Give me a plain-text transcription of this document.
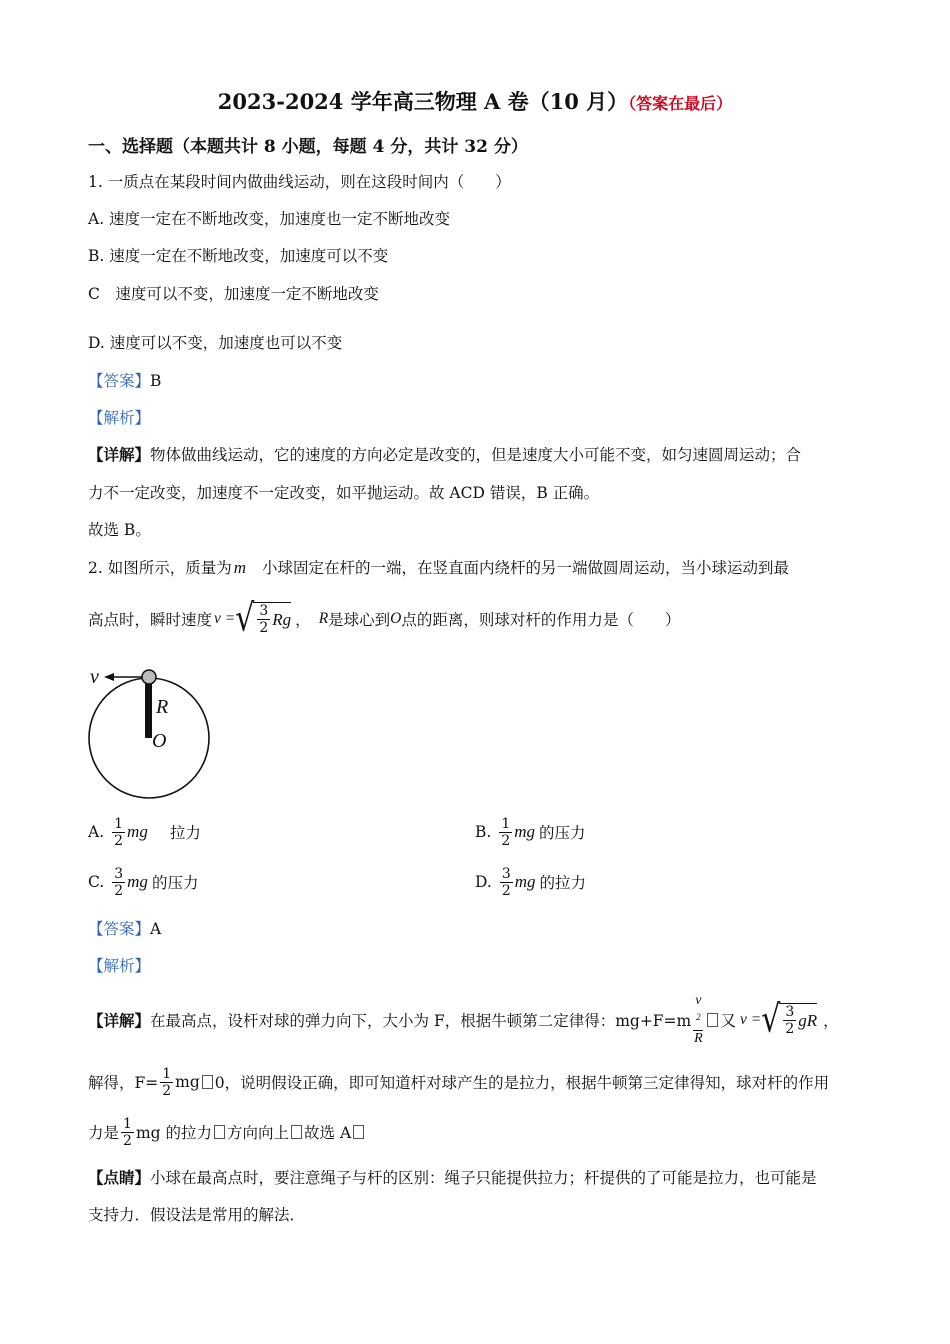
2023-2024 学年高三物理 A 卷（10 月）（答案在最后）
一、选择题（本题共计 8 小题，每题 4 分，共计 32 分）
1. 一质点在某段时间内做曲线运动，则在这段时间内（　　）
A. 速度一定在不断地改变，加速度也一定不断地改变
B. 速度一定在不断地改变，加速度可以不变
C　速度可以不变，加速度一定不断地改变
D. 速度可以不变，加速度也可以不变
【答案】B
【解析】
【详解】物体做曲线运动，它的速度的方向必定是改变的，但是速度大小可能不变，如匀速圆周运动；合
力不一定改变，加速度不一定改变，如平抛运动。故 ACD 错误，B 正确。
故选 B。
2. 如图所示，质量为 m 小球固定在杆的一端，在竖直面内绕杆的另一端做圆周运动，当小球运动到最
高点时，瞬时速度 v = √ $\frac{3}{2}$ Rg ， R 是球心到 O 点的距离，则球对杆的作用力是（　　）
v
R
O
A. $\frac{1}{2}$ mg 拉力	B. $\frac{1}{2}$ mg 的压力
C. $\frac{3}{2}$ mg 的压力	D. $\frac{3}{2}$ mg 的拉力
【答案】A
【解析】
【详解】 在最高点，设杆对球的弹力向下，大小为 F，根据牛顿第二定律得：mg+F=m v
$^2$
R 又 v = √ $\frac{3}{2}$ gR ，
解得，$F= \frac{1}{2}$ mg 0，说明假设正确，即可知道杆对球产生的是拉力，根据牛顿第三定律得知，球对杆的作用
力是 $\frac{1}{2}$ mg 的拉力 方向向上 故选 A
【点睛】小球在最高点时，要注意绳子与杆的区别：绳子只能提供拉力；杆提供的了可能是拉力，也可能是
支持力．假设法是常用的解法．
